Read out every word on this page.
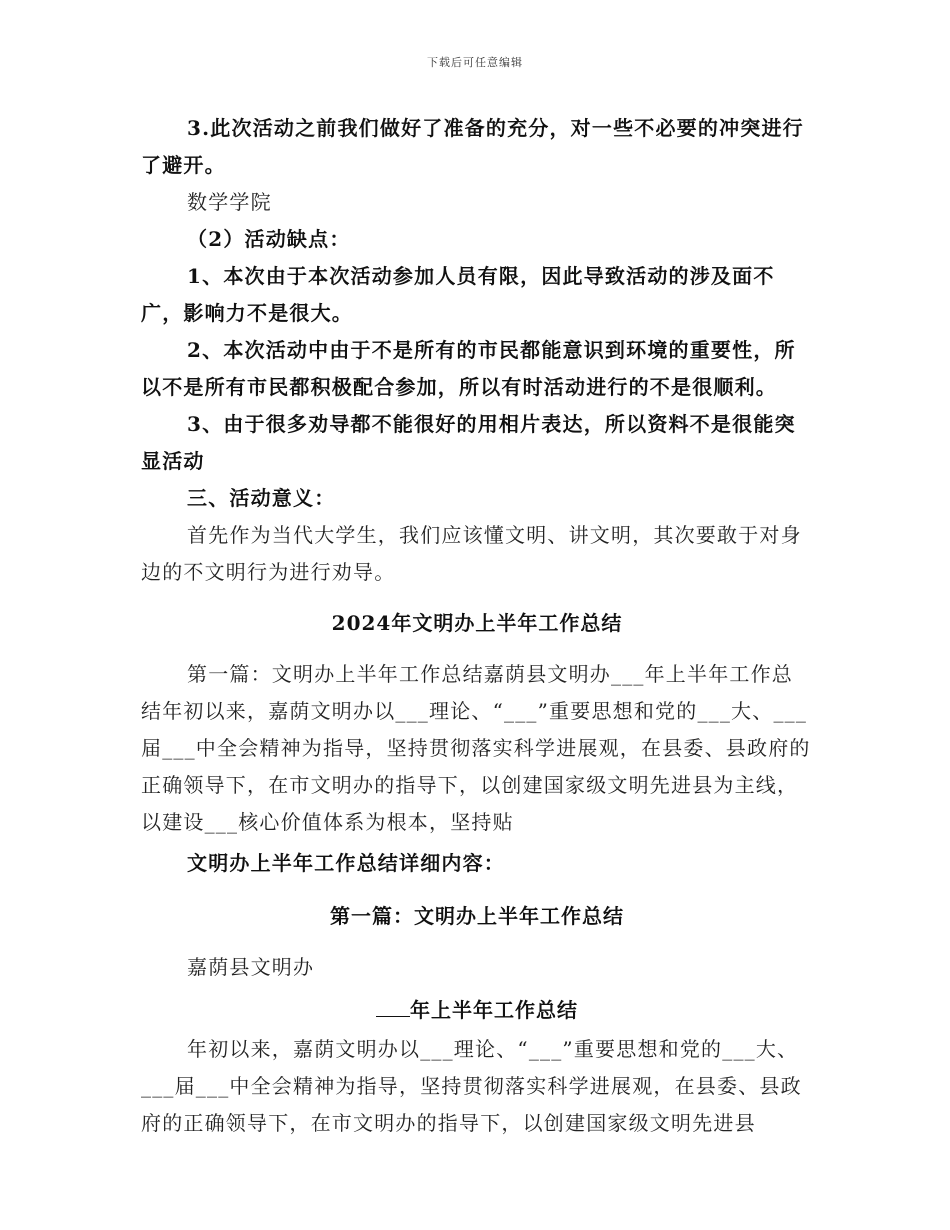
下载后可任意编辑

3.此次活动之前我们做好了准备的充分，对一些不必要的冲突进行了避开。

数学学院

（2）活动缺点：

1、本次由于本次活动参加人员有限，因此导致活动的涉及面不广，影响力不是很大。

2、本次活动中由于不是所有的市民都能意识到环境的重要性，所以不是所有市民都积极配合参加，所以有时活动进行的不是很顺利。

3、由于很多劝导都不能很好的用相片表达，所以资料不是很能突显活动

三、活动意义：

首先作为当代大学生，我们应该懂文明、讲文明，其次要敢于对身边的不文明行为进行劝导。

2024年文明办上半年工作总结

第一篇：文明办上半年工作总结嘉荫县文明办___年上半年工作总结年初以来，嘉荫文明办以___理论、“___”重要思想和党的___大、___届___中全会精神为指导，坚持贯彻落实科学进展观，在县委、县政府的正确领导下，在市文明办的指导下，以创建国家级文明先进县为主线，以建设___核心价值体系为根本，坚持贴

文明办上半年工作总结详细内容：

第一篇：文明办上半年工作总结

嘉荫县文明办

年上半年工作总结

年初以来，嘉荫文明办以___理论、“___”重要思想和党的___大、___届___中全会精神为指导，坚持贯彻落实科学进展观，在县委、县政府的正确领导下，在市文明办的指导下，以创建国家级文明先进县
